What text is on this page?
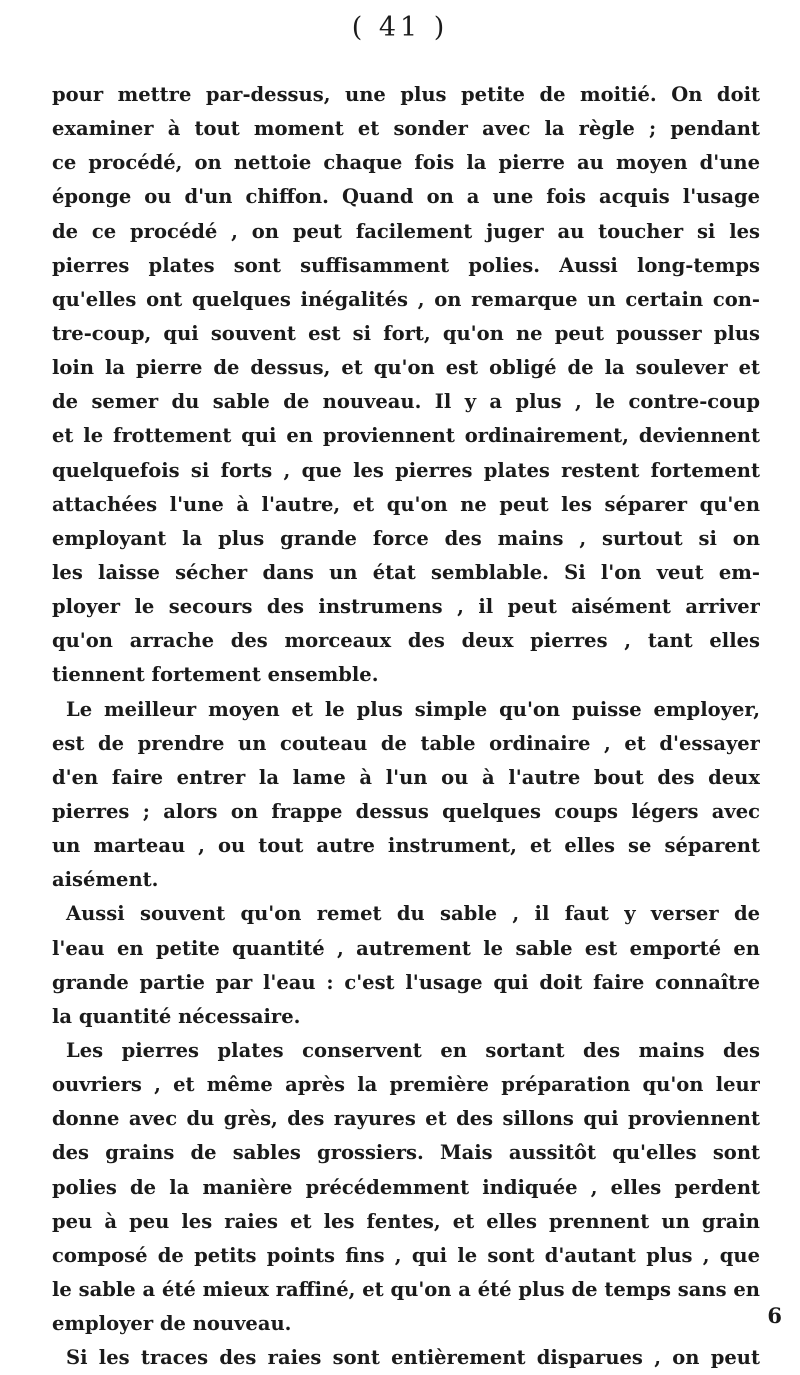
( 41 )
pour mettre par-dessus, une plus petite de moitié. On doit
examiner à tout moment et sonder avec la règle ; pendant
ce procédé, on nettoie chaque fois la pierre au moyen d'une
éponge ou d'un chiffon. Quand on a une fois acquis l'usage
de ce procédé , on peut facilement juger au toucher si les
pierres plates sont suffisamment polies. Aussi long-temps
qu'elles ont quelques inégalités , on remarque un certain con-
tre-coup, qui souvent est si fort, qu'on ne peut pousser plus
loin la pierre de dessus, et qu'on est obligé de la soulever et
de semer du sable de nouveau. Il y a plus , le contre-coup
et le frottement qui en proviennent ordinairement, deviennent
quelquefois si forts , que les pierres plates restent fortement
attachées l'une à l'autre, et qu'on ne peut les séparer qu'en
employant la plus grande force des mains , surtout si on
les laisse sécher dans un état semblable. Si l'on veut em-
ployer le secours des instrumens , il peut aisément arriver
qu'on arrache des morceaux des deux pierres , tant elles
tiennent fortement ensemble.
Le meilleur moyen et le plus simple qu'on puisse employer,
est de prendre un couteau de table ordinaire , et d'essayer
d'en faire entrer la lame à l'un ou à l'autre bout des deux
pierres ; alors on frappe dessus quelques coups légers avec
un marteau , ou tout autre instrument, et elles se séparent
aisément.
Aussi souvent qu'on remet du sable , il faut y verser de
l'eau en petite quantité , autrement le sable est emporté en
grande partie par l'eau : c'est l'usage qui doit faire connaître
la quantité nécessaire.
Les pierres plates conservent en sortant des mains des
ouvriers , et même après la première préparation qu'on leur
donne avec du grès, des rayures et des sillons qui proviennent
des grains de sables grossiers. Mais aussitôt qu'elles sont
polies de la manière précédemment indiquée , elles perdent
peu à peu les raies et les fentes, et elles prennent un grain
composé de petits points fins , qui le sont d'autant plus , que
le sable a été mieux raffiné, et qu'on a été plus de temps sans en
employer de nouveau.
Si les traces des raies sont entièrement disparues , on peut
6
